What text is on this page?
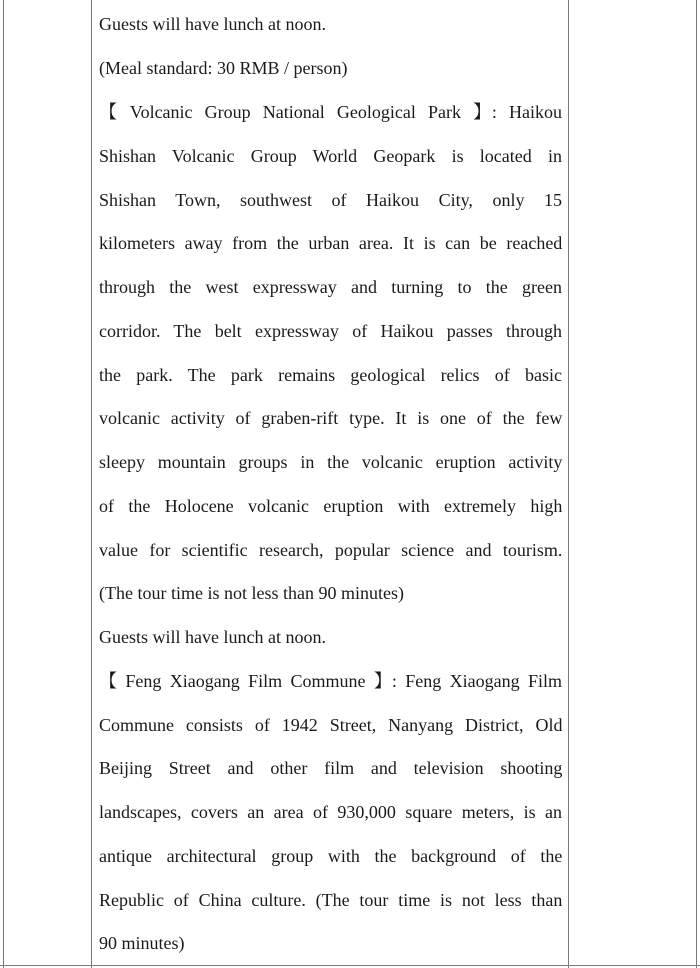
Guests will have lunch at noon.
(Meal standard: 30 RMB / person)
【 Volcanic Group National Geological Park 】: Haikou
Shishan Volcanic Group World Geopark is located in
Shishan Town, southwest of Haikou City, only 15
kilometers away from the urban area. It is can be reached
through the west expressway and turning to the green
corridor. The belt expressway of Haikou passes through
the park. The park remains geological relics of basic
volcanic activity of graben-rift type. It is one of the few
sleepy mountain groups in the volcanic eruption activity
of the Holocene volcanic eruption with extremely high
value for scientific research, popular science and tourism.
(The tour time is not less than 90 minutes)
Guests will have lunch at noon.
【 Feng Xiaogang Film Commune 】: Feng Xiaogang Film
Commune consists of 1942 Street, Nanyang District, Old
Beijing Street and other film and television shooting
landscapes, covers an area of 930,000 square meters, is an
antique architectural group with the background of the
Republic of China culture. (The tour time is not less than
90 minutes)
